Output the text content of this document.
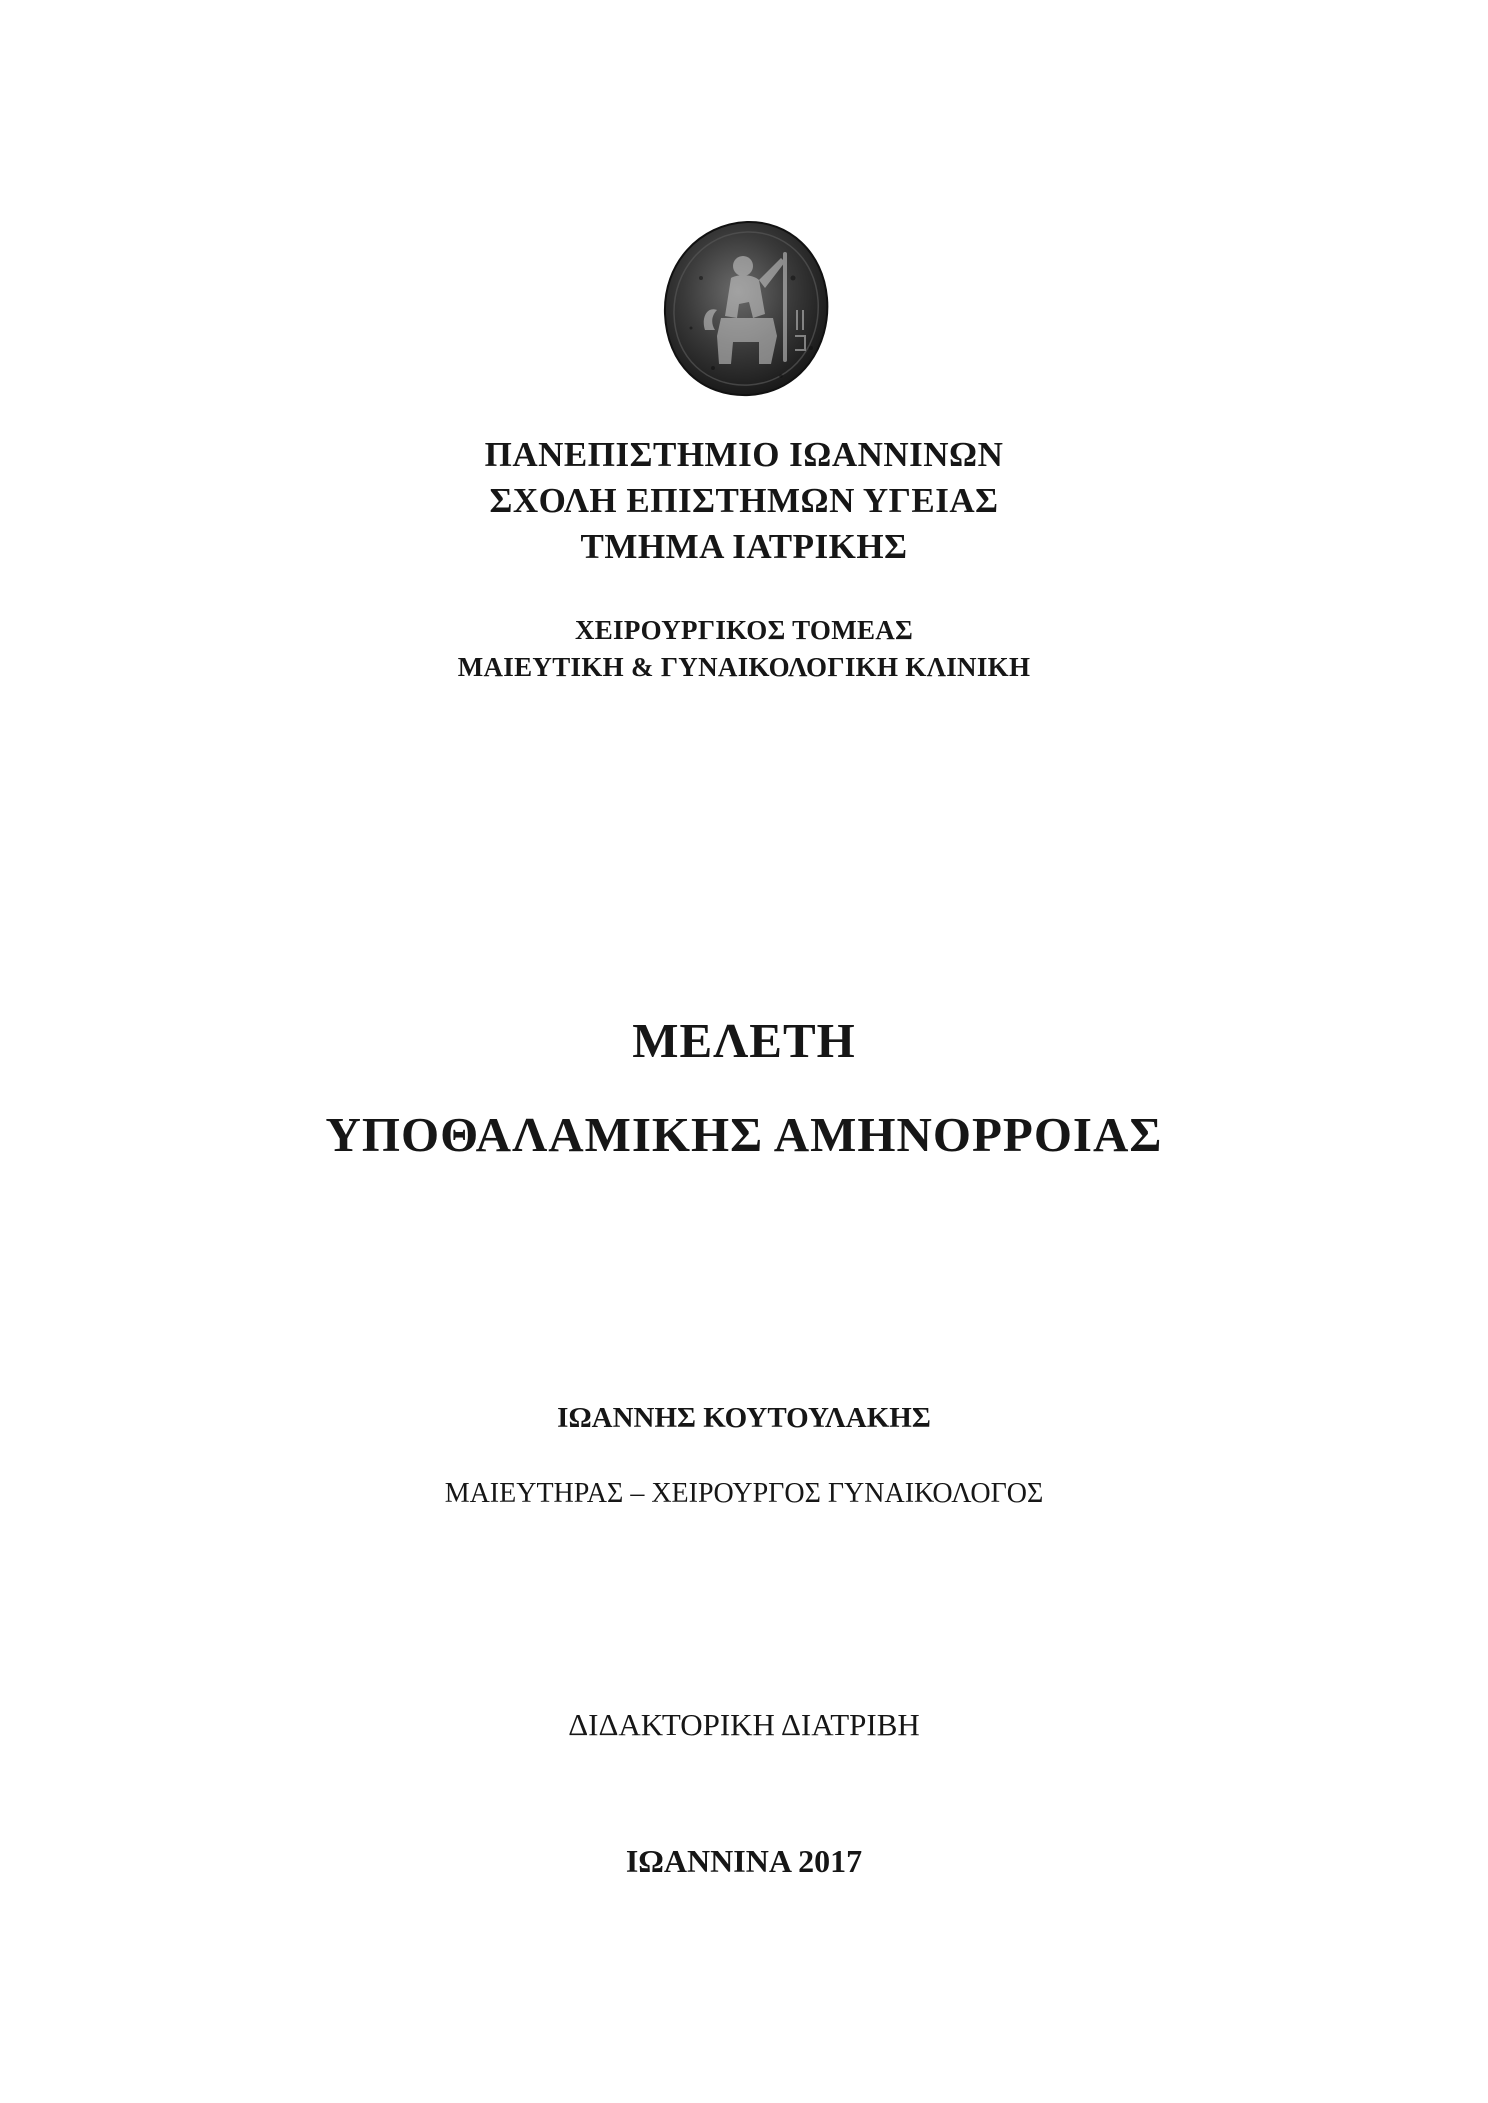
ΠΑΝΕΠΙΣΤΗΜΙΟ ΙΩΑΝΝΙΝΩΝ
ΣΧΟΛΗ ΕΠΙΣΤΗΜΩΝ ΥΓΕΙΑΣ
ΤΜΗΜΑ ΙΑΤΡΙΚΗΣ
ΧΕΙΡΟΥΡΓΙΚΟΣ ΤΟΜΕΑΣ
ΜΑΙΕΥΤΙΚΗ & ΓΥΝΑΙΚΟΛΟΓΙΚΗ ΚΛΙΝΙΚΗ
ΜΕΛΕΤΗ
ΥΠΟΘΑΛΑΜΙΚΗΣ ΑΜΗΝΟΡΡΟΙΑΣ
ΙΩΑΝΝΗΣ ΚΟΥΤΟΥΛΑΚΗΣ
ΜΑΙΕΥΤΗΡΑΣ – ΧΕΙΡΟΥΡΓΟΣ ΓΥΝΑΙΚΟΛΟΓΟΣ
ΔΙΔΑΚΤΟΡΙΚΗ ΔΙΑΤΡΙΒΗ
ΙΩΑΝΝΙΝΑ 2017
